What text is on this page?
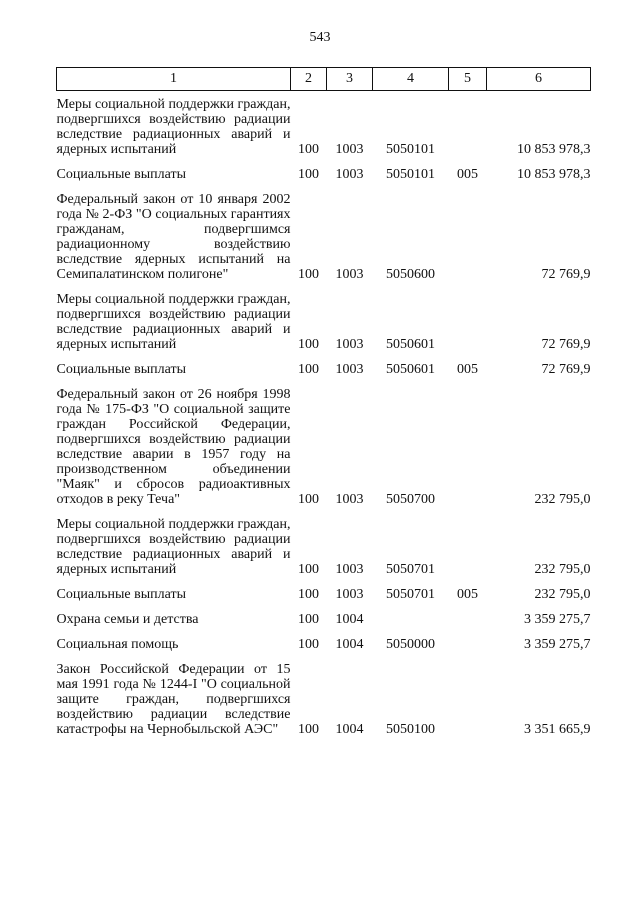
543
1	2	3	4	5	6
Меры социальной поддержки граждан, подвергшихся воздействию радиации вследствие радиационных аварий и ядерных испытаний	100	1003	5050101		10 853 978,3
Социальные выплаты	100	1003	5050101	005	10 853 978,3
Федеральный закон от 10 января 2002 года № 2-ФЗ "О социальных гарантиях гражданам, подвергшимся радиационному воздействию вследствие ядерных испытаний на Семипалатинском полигоне"	100	1003	5050600		72 769,9
Меры социальной поддержки граждан, подвергшихся воздействию радиации вследствие радиационных аварий и ядерных испытаний	100	1003	5050601		72 769,9
Социальные выплаты	100	1003	5050601	005	72 769,9
Федеральный закон от 26 ноября 1998 года № 175-ФЗ "О социальной защите граждан Российской Федерации, подвергшихся воздействию радиации вследствие аварии в 1957 году на производственном объединении "Маяк" и сбросов радиоактивных отходов в реку Теча"	100	1003	5050700		232 795,0
Меры социальной поддержки граждан, подвергшихся воздействию радиации вследствие радиационных аварий и ядерных испытаний	100	1003	5050701		232 795,0
Социальные выплаты	100	1003	5050701	005	232 795,0
Охрана семьи и детства	100	1004			3 359 275,7
Социальная помощь	100	1004	5050000		3 359 275,7
Закон Российской Федерации от 15 мая 1991 года № 1244-I "О социальной защите граждан, подвергшихся воздействию радиации вследствие катастрофы на Чернобыльской АЭС"	100	1004	5050100		3 351 665,9
